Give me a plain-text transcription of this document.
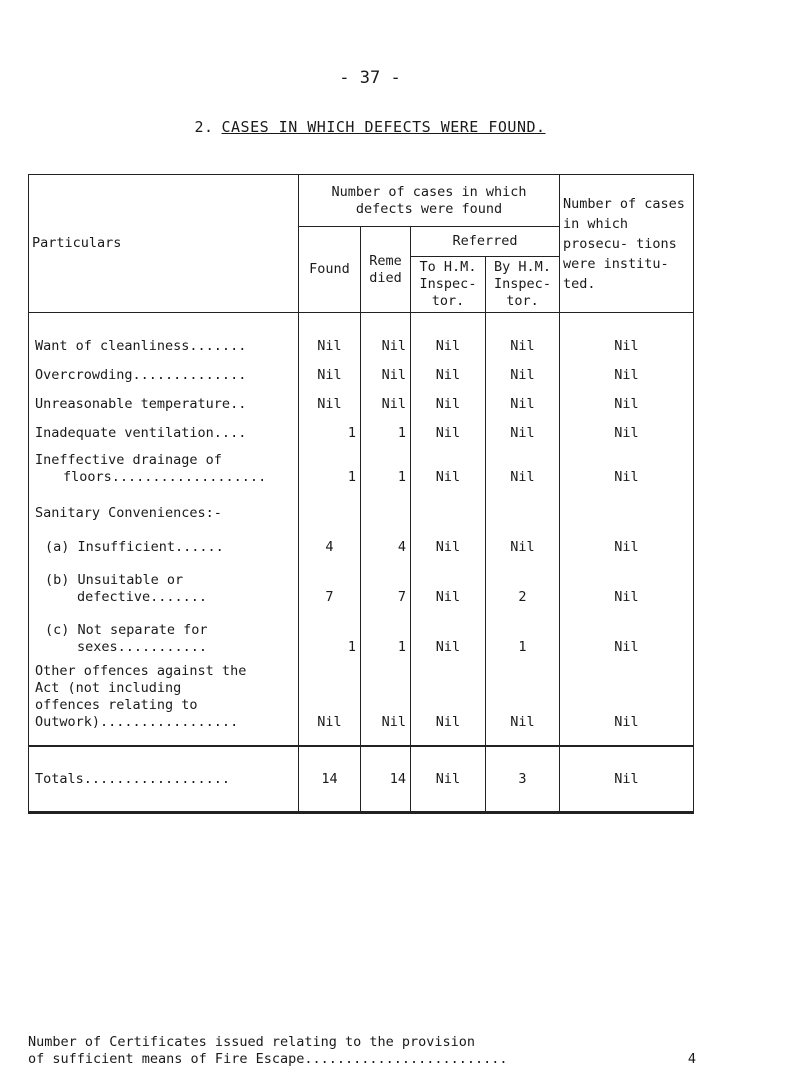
- 37 -
2. CASES IN WHICH DEFECTS WERE FOUND.
Particulars	Number of cases in which defects were found				Number of cases in which prosecu- tions were institu- ted.
	Found	Reme died	Referred		
			To H.M. Inspec- tor.	By H.M. Inspec- tor.	
Want of cleanliness.......	Nil	Nil	Nil	Nil	Nil
Overcrowding..............	Nil	Nil	Nil	Nil	Nil
Unreasonable temperature..	Nil	Nil	Nil	Nil	Nil
Inadequate ventilation....	1	1	Nil	Nil	Nil

Ineffective drainage of
floors...................	1	1	Nil	Nil	Nil
Sanitary Conveniences:-					
(a) Insufficient......	4	4	Nil	Nil	Nil

(b) Unsuitable or
defective.......	7	7	Nil	2	Nil

(c) Not separate for
sexes...........	1	1	Nil	1	Nil

Other offences against the
Act (not including
offences relating to
Outwork).................	Nil	Nil	Nil	Nil	Nil
Totals..................	14	14	Nil	3	Nil
Number of Certificates issued relating to the provision
of sufficient means of Fire Escape.........................	4
